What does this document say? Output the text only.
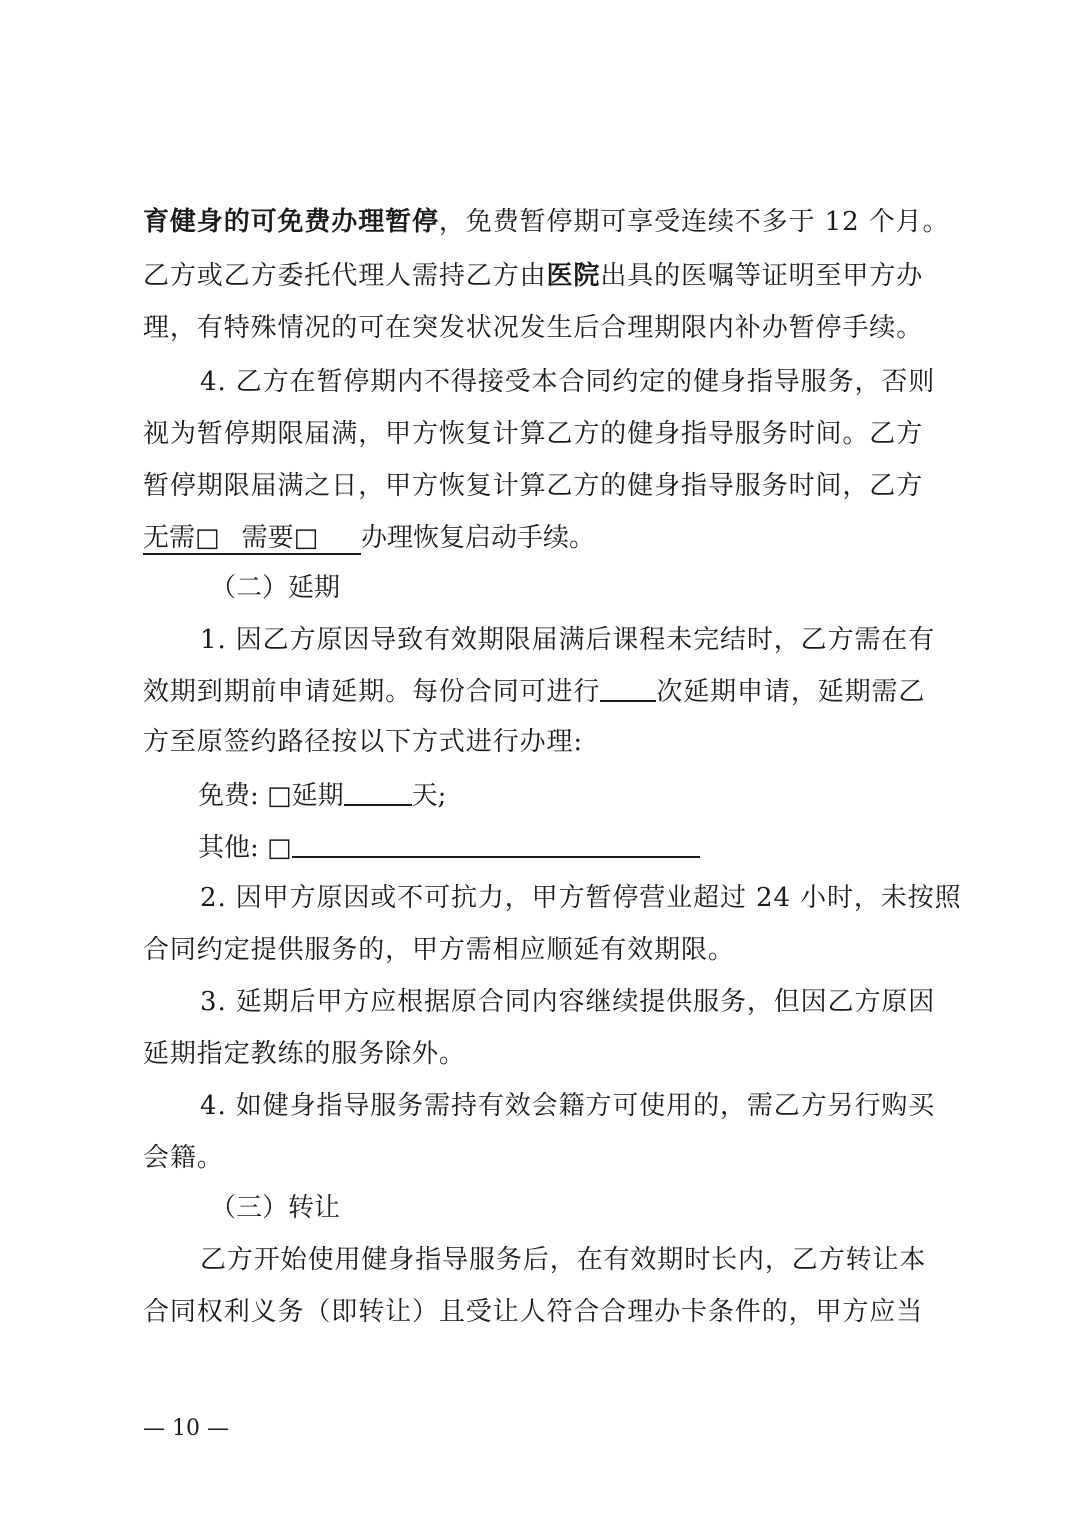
育健身的可免费办理暂停，免费暂停期可享受连续不多于 12 个月。
乙方或乙方委托代理人需持乙方由医院出具的医嘱等证明至甲方办
理，有特殊情况的可在突发状况发生后合理期限内补办暂停手续。
4. 乙方在暂停期内不得接受本合同约定的健身指导服务，否则
视为暂停期限届满，甲方恢复计算乙方的健身指导服务时间。乙方
暂停期限届满之日，甲方恢复计算乙方的健身指导服务时间，乙方
无需□ 需要□ 办理恢复启动手续。
（二）延期
1. 因乙方原因导致有效期限届满后课程未完结时，乙方需在有
效期到期前申请延期。每份合同可进行 次延期申请，延期需乙
方至原签约路径按以下方式进行办理:
免费: □延期	天;
其他: □
2. 因甲方原因或不可抗力，甲方暂停营业超过 24 小时，未按照
合同约定提供服务的，甲方需相应顺延有效期限。
3. 延期后甲方应根据原合同内容继续提供服务，但因乙方原因
延期指定教练的服务除外。
4. 如健身指导服务需持有效会籍方可使用的，需乙方另行购买
会籍。
（三）转让
乙方开始使用健身指导服务后，在有效期时长内，乙方转让本
合同权利义务（即转让）且受让人符合合理办卡条件的，甲方应当
— 10 —
